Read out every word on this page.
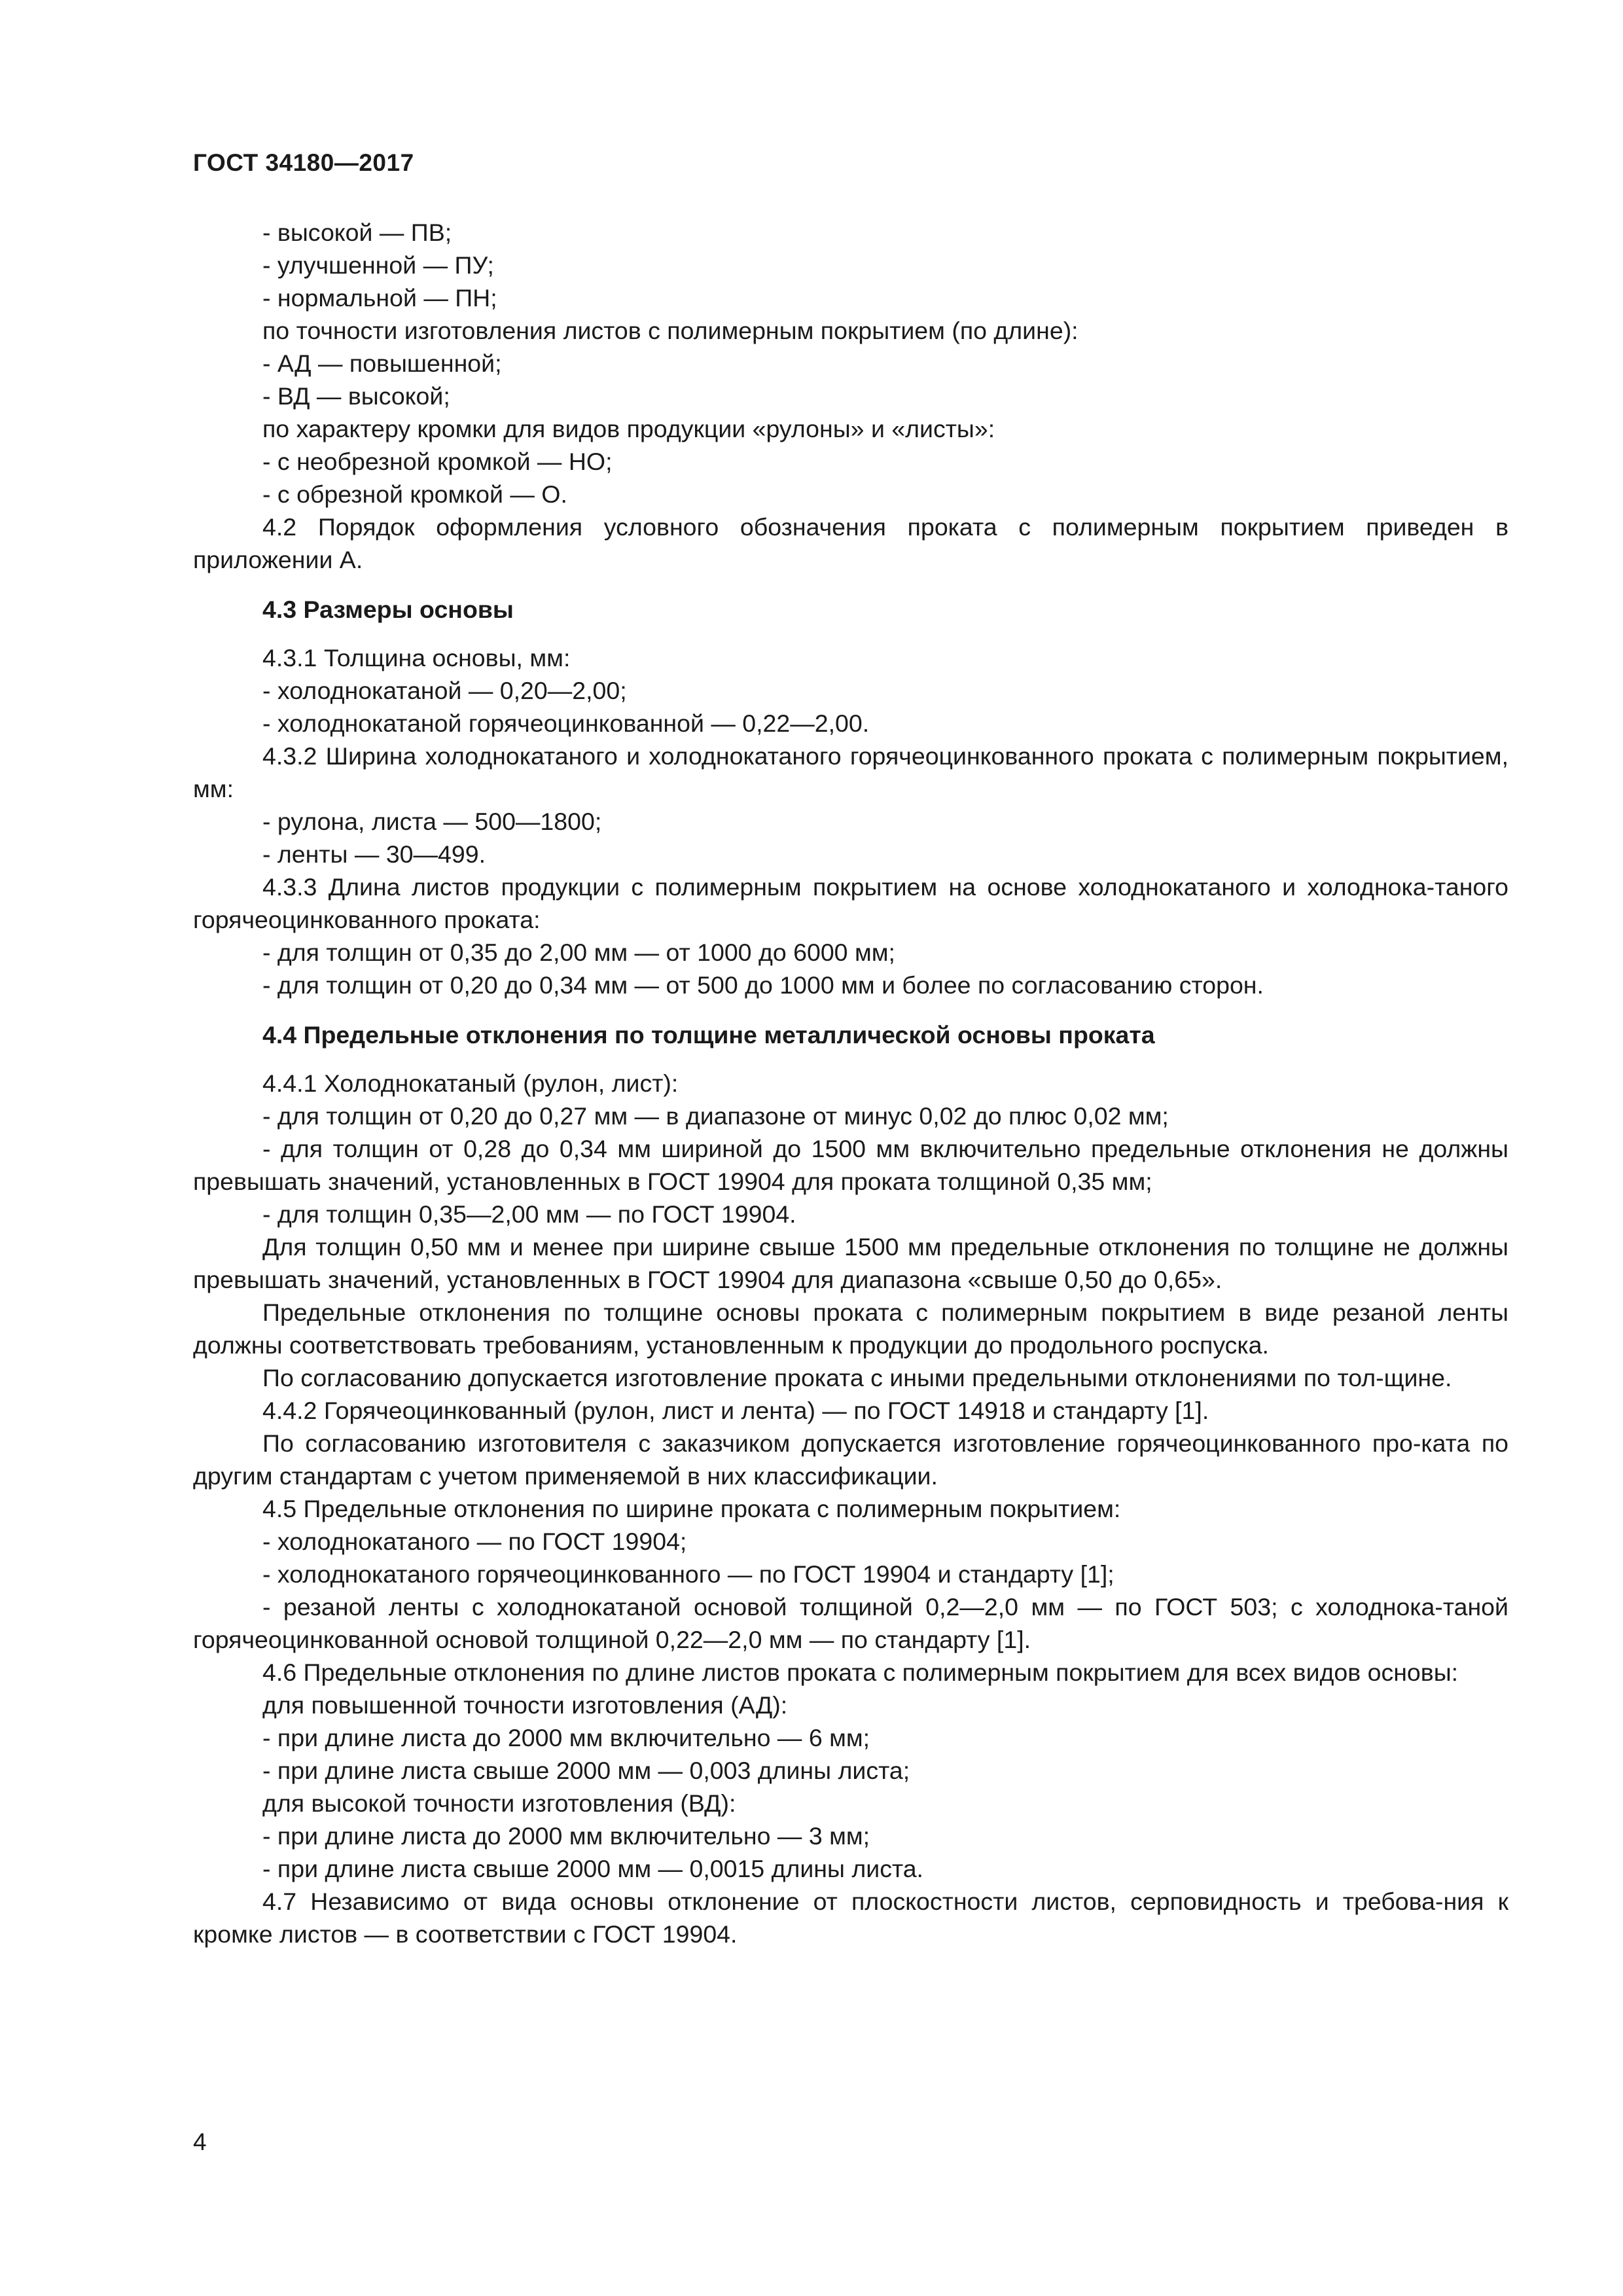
ГОСТ 34180—2017

- высокой — ПВ;

- улучшенной — ПУ;

- нормальной — ПН;

по точности изготовления листов с полимерным покрытием (по длине):

- АД — повышенной;

- ВД — высокой;

по характеру кромки для видов продукции «рулоны» и «листы»:

- с необрезной кромкой — НО;

- с обрезной кромкой — О.

4.2 Порядок оформления условного обозначения проката с полимерным покрытием приведен в приложении А.

4.3 Размеры основы

4.3.1 Толщина основы, мм:

- холоднокатаной — 0,20—2,00;

- холоднокатаной горячеоцинкованной — 0,22—2,00.

4.3.2 Ширина холоднокатаного и холоднокатаного горячеоцинкованного проката с полимерным покрытием, мм:

- рулона, листа — 500—1800;

- ленты — 30—499.

4.3.3 Длина листов продукции с полимерным покрытием на основе холоднокатаного и холоднока-таного горячеоцинкованного проката:

- для толщин от 0,35 до 2,00 мм — от 1000 до 6000 мм;

- для толщин от 0,20 до 0,34 мм — от 500 до 1000 мм и более по согласованию сторон.

4.4 Предельные отклонения по толщине металлической основы проката

4.4.1 Холоднокатаный (рулон, лист):

- для толщин от 0,20 до 0,27 мм — в диапазоне от минус 0,02 до плюс 0,02 мм;

- для толщин от 0,28 до 0,34 мм шириной до 1500 мм включительно предельные отклонения не должны превышать значений, установленных в ГОСТ 19904 для проката толщиной 0,35 мм;

- для толщин 0,35—2,00 мм — по ГОСТ 19904.

Для толщин 0,50 мм и менее при ширине свыше 1500 мм предельные отклонения по толщине не должны превышать значений, установленных в ГОСТ 19904 для диапазона «свыше 0,50 до 0,65».

Предельные отклонения по толщине основы проката с полимерным покрытием в виде резаной ленты должны соответствовать требованиям, установленным к продукции до продольного роспуска.

По согласованию допускается изготовление проката с иными предельными отклонениями по тол-щине.

4.4.2 Горячеоцинкованный (рулон, лист и лента) — по ГОСТ 14918 и стандарту [1].

По согласованию изготовителя с заказчиком допускается изготовление горячеоцинкованного про-ката по другим стандартам с учетом применяемой в них классификации.

4.5 Предельные отклонения по ширине проката с полимерным покрытием:

- холоднокатаного — по ГОСТ 19904;

- холоднокатаного горячеоцинкованного — по ГОСТ 19904 и стандарту [1];

- резаной ленты с холоднокатаной основой толщиной 0,2—2,0 мм — по ГОСТ 503; с холоднока-таной горячеоцинкованной основой толщиной 0,22—2,0 мм — по стандарту [1].

4.6 Предельные отклонения по длине листов проката с полимерным покрытием для всех видов основы:

для повышенной точности изготовления (АД):

- при длине листа до 2000 мм включительно — 6 мм;

- при длине листа свыше 2000 мм — 0,003 длины листа;

для высокой точности изготовления (ВД):

- при длине листа до 2000 мм включительно — 3 мм;

- при длине листа свыше 2000 мм — 0,0015 длины листа.

4.7 Независимо от вида основы отклонение от плоскостности листов, серповидность и требова-ния к кромке листов — в соответствии с ГОСТ 19904.

4
